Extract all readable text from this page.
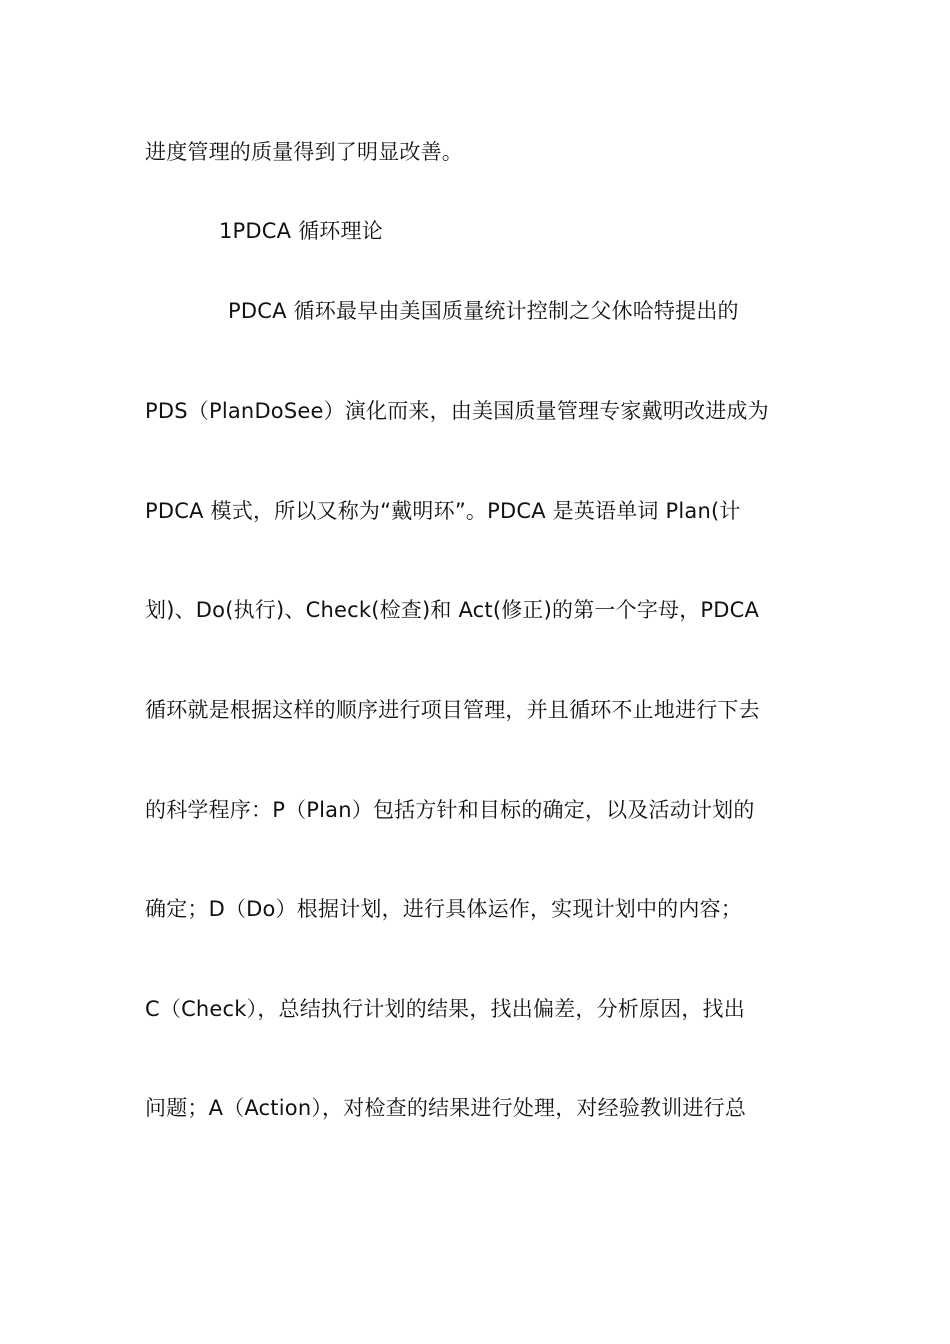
进度管理的质量得到了明显改善。
1PDCA 循环理论
PDCA 循环最早由美国质量统计控制之父休哈特提出的
PDS（PlanDoSee）演化而来，由美国质量管理专家戴明改进成为
PDCA 模式，所以又称为“戴明环”。PDCA 是英语单词 Plan(计
划)、Do(执行)、Check(检查)和 Act(修正)的第一个字母，PDCA
循环就是根据这样的顺序进行项目管理，并且循环不止地进行下去
的科学程序：P（Plan）包括方针和目标的确定，以及活动计划的
确定；D（Do）根据计划，进行具体运作，实现计划中的内容；
C（Check），总结执行计划的结果，找出偏差，分析原因，找出
问题；A（Action），对检查的结果进行处理，对经验教训进行总
